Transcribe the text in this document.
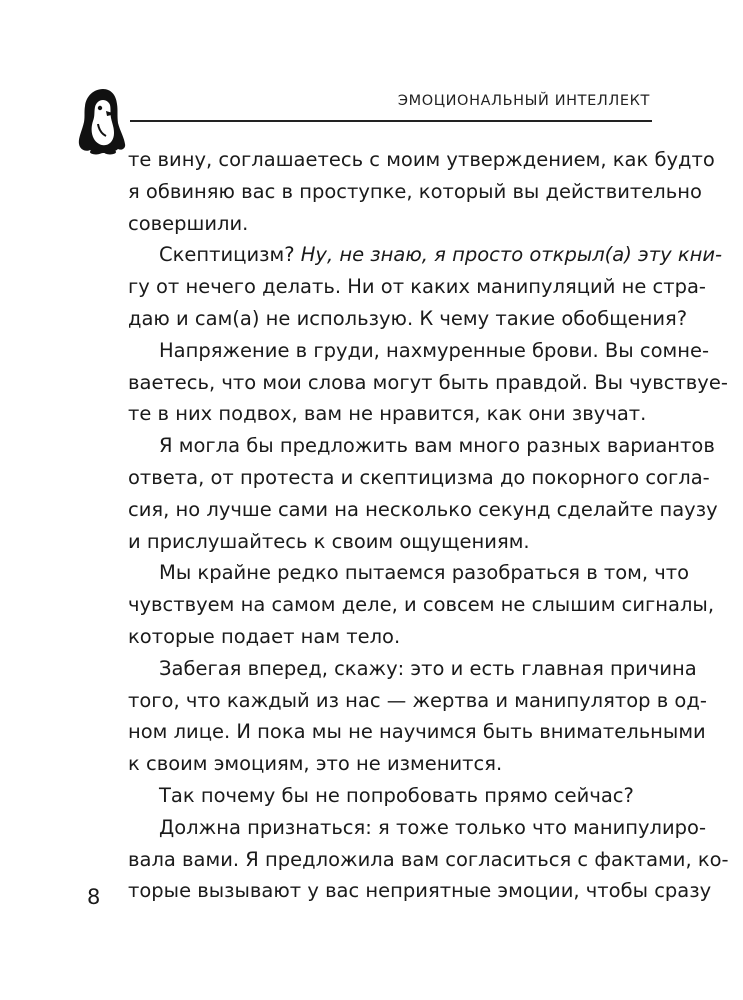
ЭМОЦИОНАЛЬНЫЙ ИНТЕЛЛЕКТ
те вину, соглашаетесь с моим утверждением, как будто
я обвиняю вас в проступке, который вы действительно
совершили.
Скептицизм? Ну, не знаю, я просто открыл(а) эту кни-
гу от нечего делать. Ни от каких манипуляций не стра-
даю и сам(а) не использую. К чему такие обобщения?
Напряжение в груди, нахмуренные брови. Вы сомне-
ваетесь, что мои слова могут быть правдой. Вы чувствуе-
те в них подвох, вам не нравится, как они звучат.
Я могла бы предложить вам много разных вариантов
ответа, от протеста и скептицизма до покорного согла-
сия, но лучше сами на несколько секунд сделайте паузу
и прислушайтесь к своим ощущениям.
Мы крайне редко пытаемся разобраться в том, что
чувствуем на самом деле, и совсем не слышим сигналы,
которые подает нам тело.
Забегая вперед, скажу: это и есть главная причина
того, что каждый из нас — жертва и манипулятор в од-
ном лице. И пока мы не научимся быть внимательными
к своим эмоциям, это не изменится.
Так почему бы не попробовать прямо сейчас?
Должна признаться: я тоже только что манипулиро-
вала вами. Я предложила вам согласиться с фактами, ко-
торые вызывают у вас неприятные эмоции, чтобы сразу
8
